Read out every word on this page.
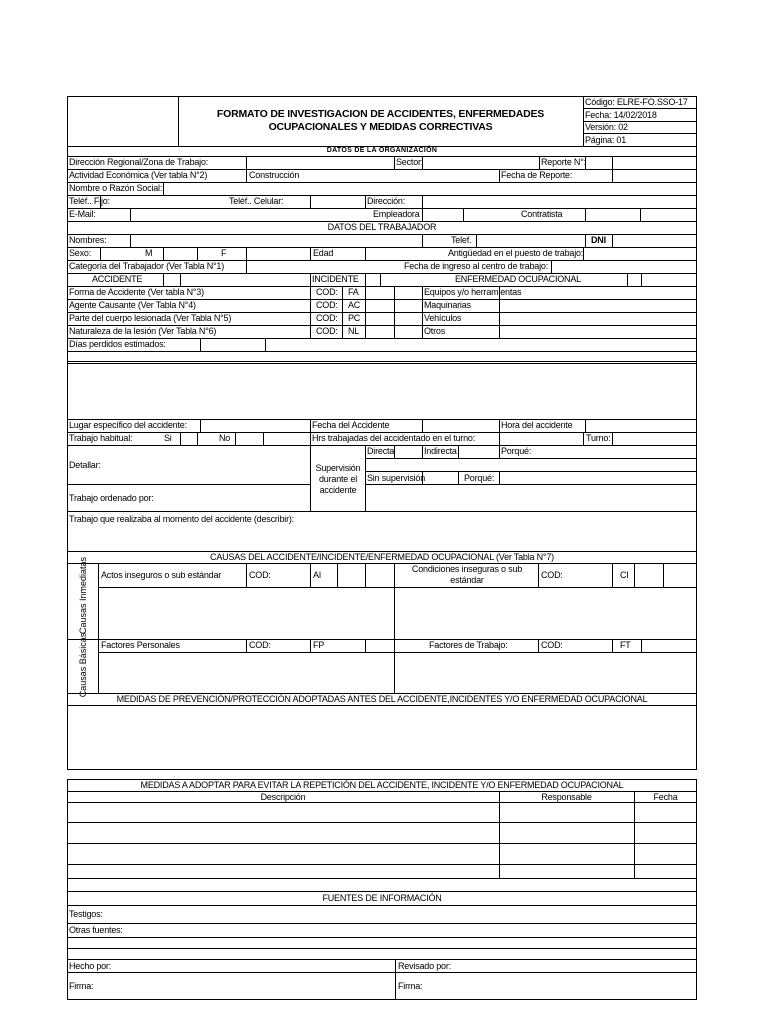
FORMATO DE INVESTIGACION DE ACCIDENTES, ENFERMEDADES OCUPACIONALES Y MEDIDAS CORRECTIVAS
Código: ELRE-FO.SSO-17
Fecha: 14/02/2018
Versión: 02
Página: 01
DATOS DE LA ORGANIZACIÓN
Dirección Regional/Zona de Trabajo:	Sector:	Reporte N°:
Actividad Económica (Ver tabla N°2)	Construcción	Fecha de Reporte:
Nombre o Razón Social:
Teléf.. Fijo:	Teléf.. Celular:	Dirección:
E-Mail:	Empleadora	Contratista
DATOS DEL TRABAJADOR
Nombres:	Telef.	DNI
Sexo:	M	F	Edad	Antigüedad en el puesto de trabajo:
Categoría del Trabajador (Ver Tabla N°1)	Fecha de ingreso al centro de trabajo:
ACCIDENTE	INCIDENTE	ENFERMEDAD OCUPACIONAL
Forma de Accidente (Ver tabla N°3)	COD: FA	Equipos y/o herramientas
Agente Causante (Ver Tabla N°4)	COD: AC	Maquinarias
Parte del cuerpo lesionada (Ver Tabla N°5)	COD: PC	Vehículos
Naturaleza de la lesión (Ver Tabla N°6)	COD: NL	Otros
Días perdidos estimados:
Lugar específico del accidente:	Fecha del Accidente	Hora del accidente
Trabajo habitual:	Si	No	Hrs trabajadas del accidentado en el turno:	Turno:
Detallar:	Supervisión durante el accidente
Directa	Indirecta	Porqué:
Sin supervisión	Porqué:
Trabajo ordenado por:
Trabajo que realizaba al momento del accidente (describir):
CAUSAS DEL ACCIDENTE/INCIDENTE/ENFERMEDAD OCUPACIONAL (Ver Tabla N°7)
Causas Inmediatas
Causas Básicas
Actos inseguros o sub estándar	COD:	AI
Condiciones inseguras o sub estándar	COD:	CI
Factores Personales	COD:	FP	Factores de Trabajo:	COD:	FT
MEDIDAS DE PREVENCIÓN/PROTECCIÓN ADOPTADAS ANTES DEL ACCIDENTE,INCIDENTES Y/O ENFERMEDAD OCUPACIONAL
MEDIDAS A ADOPTAR PARA EVITAR LA REPETICIÓN DEL ACCIDENTE, INCIDENTE Y/O ENFERMEDAD OCUPACIONAL
Descripción	Responsable	Fecha
FUENTES DE INFORMACIÓN
Testigos:
Otras fuentes:
Hecho por:	Revisado por:
Firma:	Firma:
